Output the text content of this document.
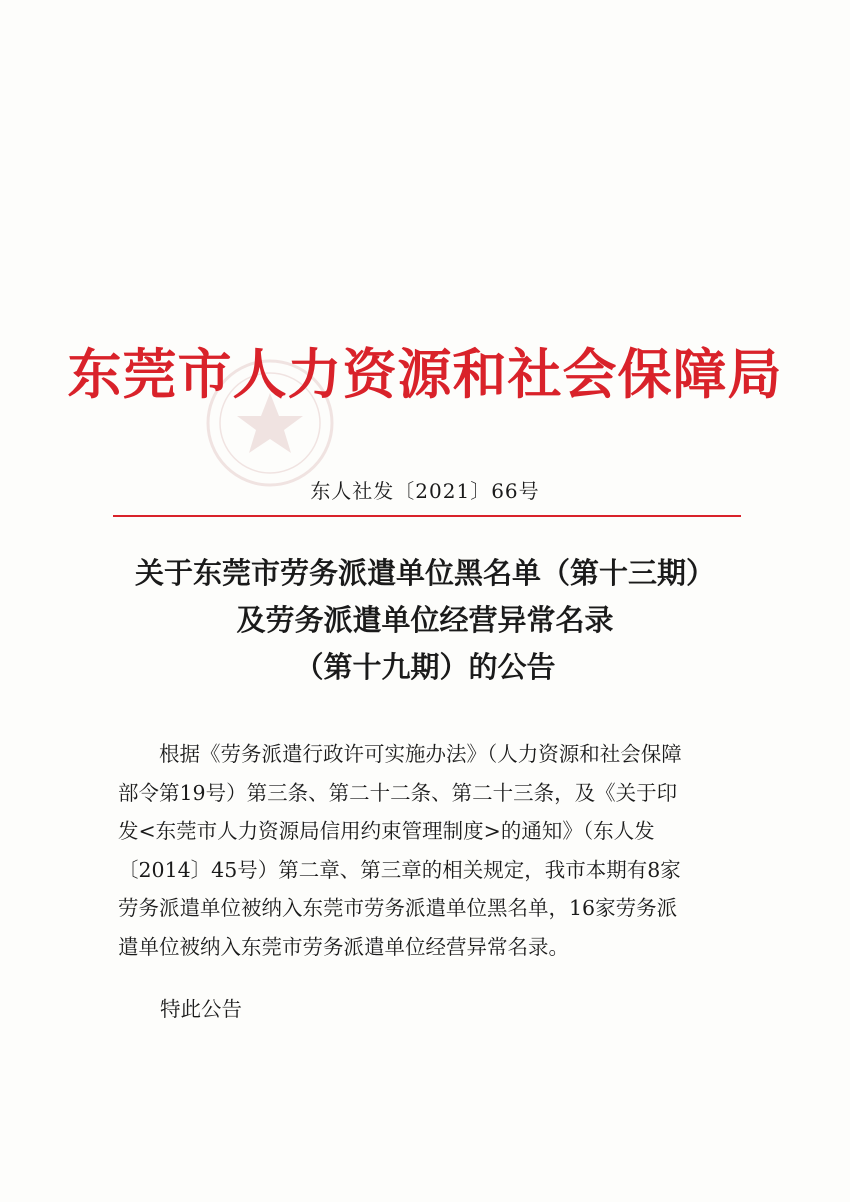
东莞市人力资源和社会保障局
东人社发〔2021〕66号
关于东莞市劳务派遣单位黑名单（第十三期）
及劳务派遣单位经营异常名录
（第十九期）的公告

　　根据《劳务派遣行政许可实施办法》（人力资源和社会保障

部令第19号）第三条、第二十二条、第二十三条，及《关于印

发<东莞市人力资源局信用约束管理制度>的通知》（东人发

〔2014〕45号）第二章、第三章的相关规定，我市本期有8家

劳务派遣单位被纳入东莞市劳务派遣单位黑名单，16家劳务派

遣单位被纳入东莞市劳务派遣单位经营异常名录。

特此公告
